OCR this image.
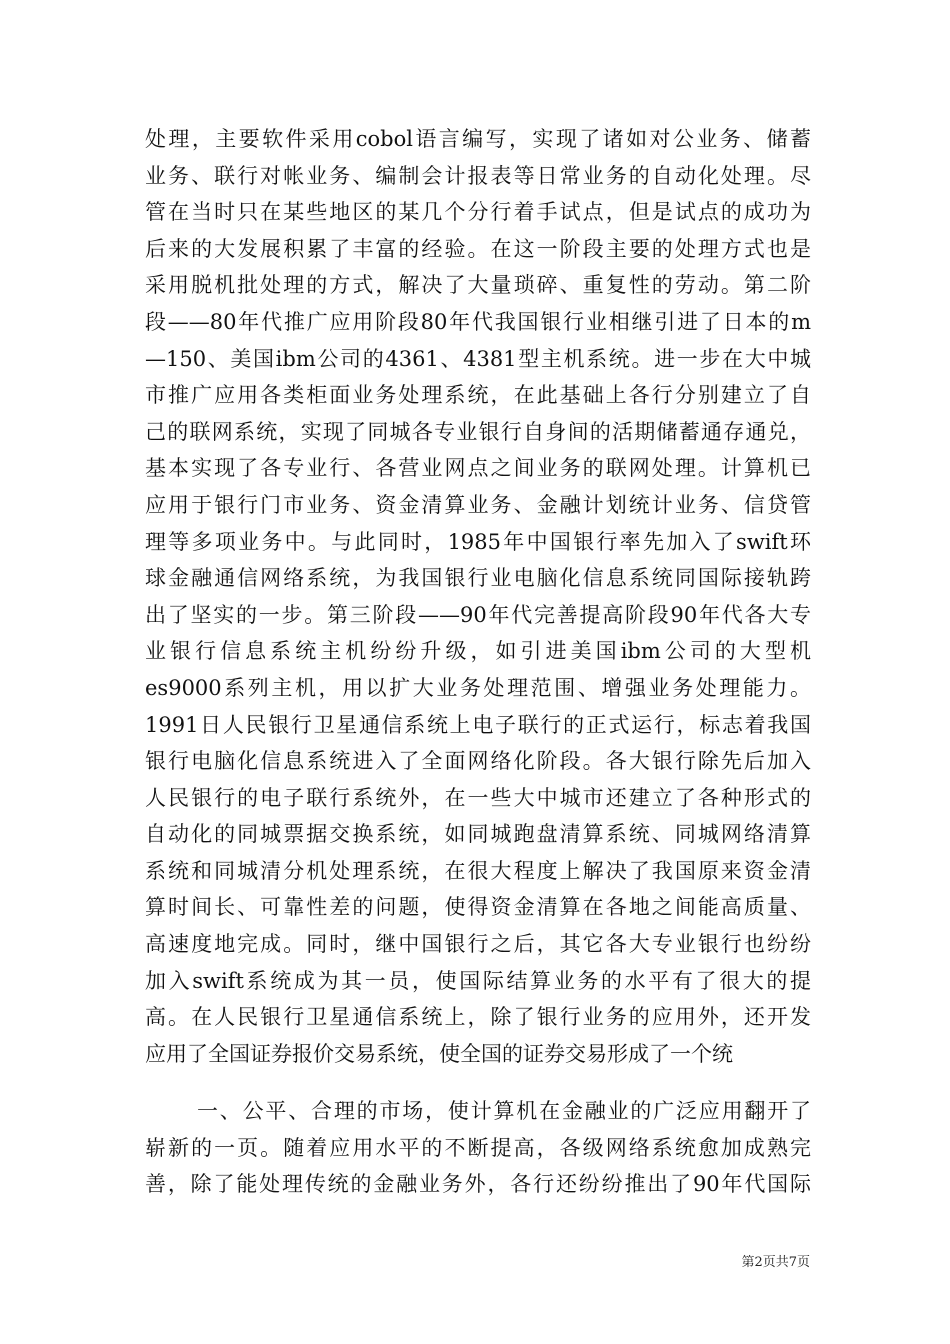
处理，主要软件采用cobol语言编写，实现了诸如对公业务、储蓄
业务、联行对帐业务、编制会计报表等日常业务的自动化处理。尽
管在当时只在某些地区的某几个分行着手试点，但是试点的成功为
后来的大发展积累了丰富的经验。在这一阶段主要的处理方式也是
采用脱机批处理的方式，解决了大量琐碎、重复性的劳动。第二阶
段——80年代推广应用阶段80年代我国银行业相继引进了日本的m
—150、美国ibm公司的4361、4381型主机系统。进一步在大中城
市推广应用各类柜面业务处理系统，在此基础上各行分别建立了自
己的联网系统，实现了同城各专业银行自身间的活期储蓄通存通兑，
基本实现了各专业行、各营业网点之间业务的联网处理。计算机已
应用于银行门市业务、资金清算业务、金融计划统计业务、信贷管
理等多项业务中。与此同时，1985年中国银行率先加入了swift环
球金融通信网络系统，为我国银行业电脑化信息系统同国际接轨跨
出了坚实的一步。第三阶段——90年代完善提高阶段90年代各大专
业银行信息系统主机纷纷升级，如引进美国ibm公司的大型机
es9000系列主机，用以扩大业务处理范围、增强业务处理能力。
1991日人民银行卫星通信系统上电子联行的正式运行，标志着我国
银行电脑化信息系统进入了全面网络化阶段。各大银行除先后加入
人民银行的电子联行系统外，在一些大中城市还建立了各种形式的
自动化的同城票据交换系统，如同城跑盘清算系统、同城网络清算
系统和同城清分机处理系统，在很大程度上解决了我国原来资金清
算时间长、可靠性差的问题，使得资金清算在各地之间能高质量、
高速度地完成。同时，继中国银行之后，其它各大专业银行也纷纷
加入swift系统成为其一员，使国际结算业务的水平有了很大的提
高。在人民银行卫星通信系统上，除了银行业务的应用外，还开发
应用了全国证券报价交易系统，使全国的证券交易形成了一个统
一、公平、合理的市场，使计算机在金融业的广泛应用翻开了
崭新的一页。随着应用水平的不断提高，各级网络系统愈加成熟完
善，除了能处理传统的金融业务外，各行还纷纷推出了90年代国际
第2页共7页
